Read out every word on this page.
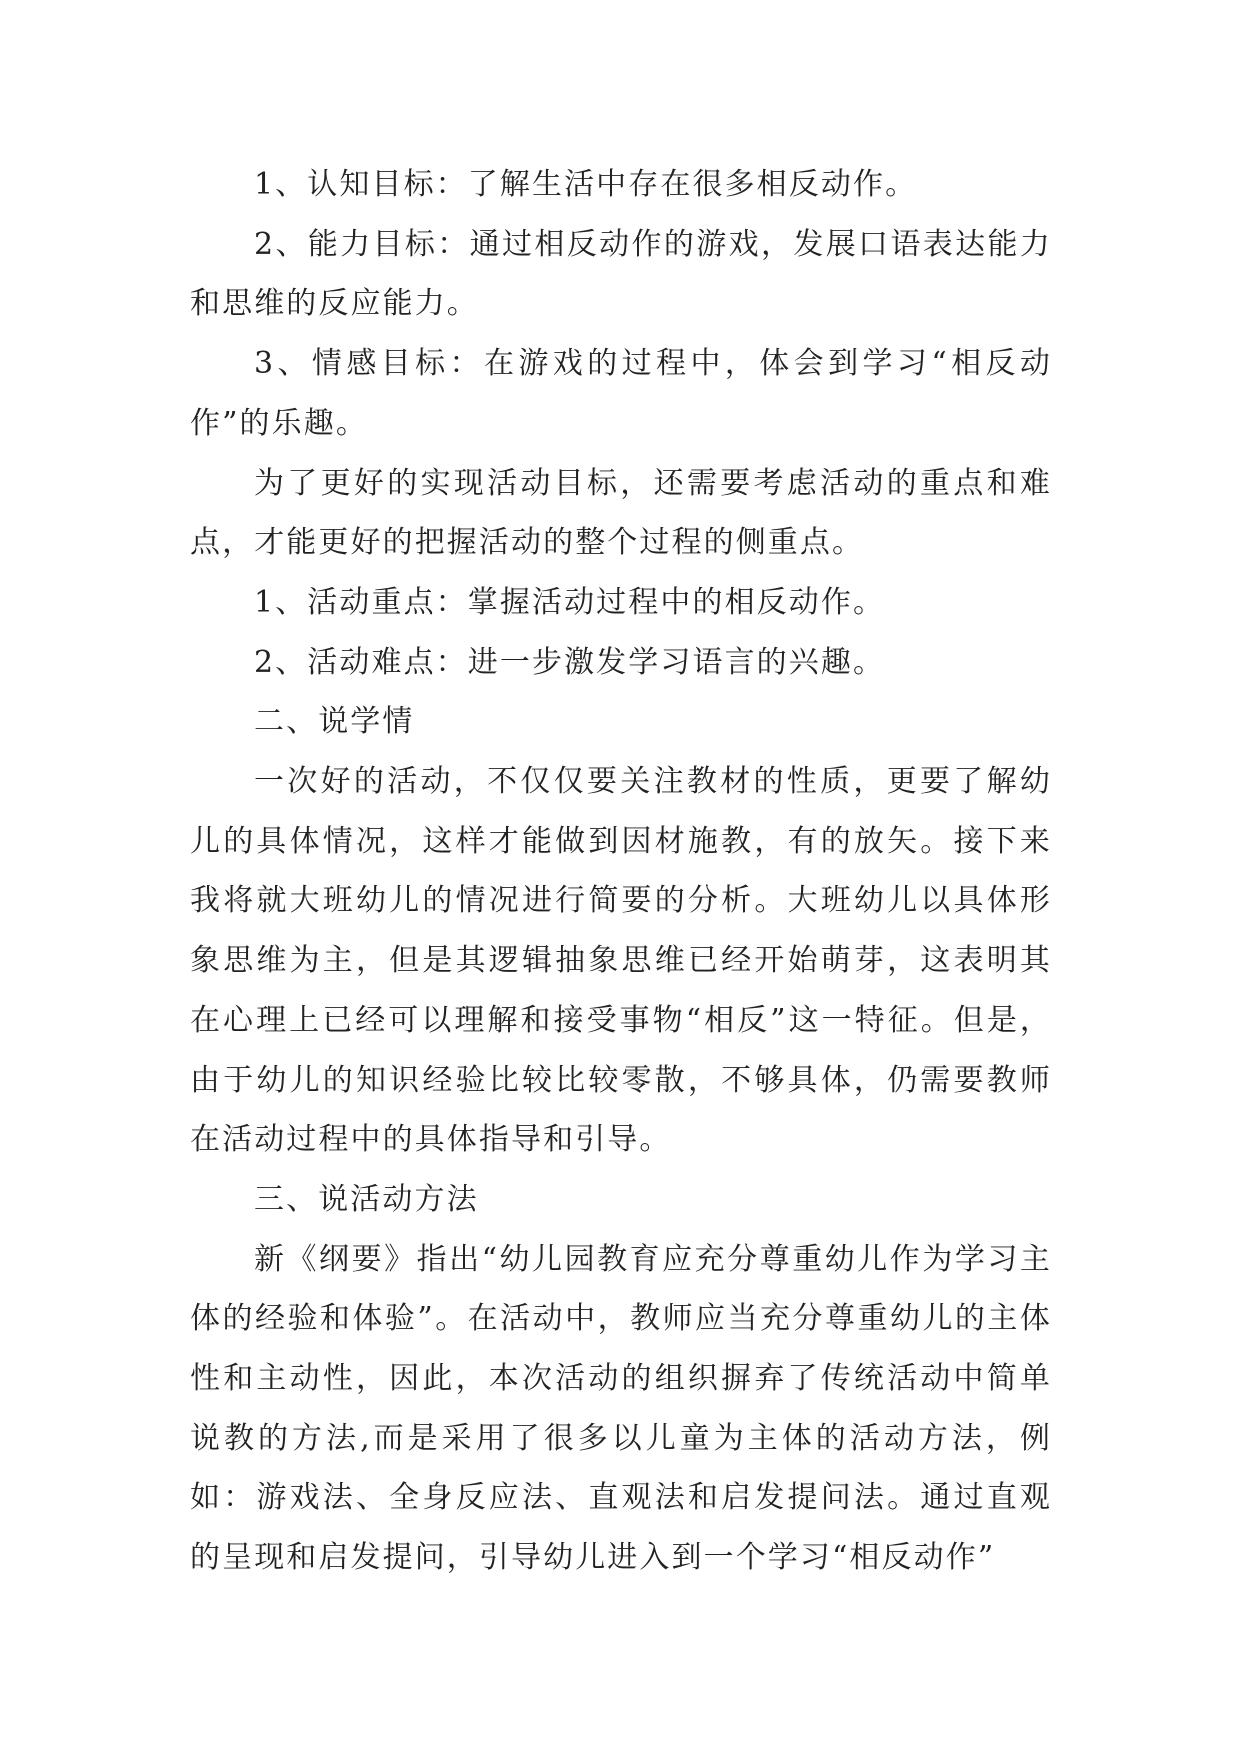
1、认知目标：了解生活中存在很多相反动作。

2、能力目标：通过相反动作的游戏，发展口语表达能力和思维的反应能力。

3、情感目标：在游戏的过程中，体会到学习“相反动作”的乐趣。

为了更好的实现活动目标，还需要考虑活动的重点和难点，才能更好的把握活动的整个过程的侧重点。

1、活动重点：掌握活动过程中的相反动作。

2、活动难点：进一步激发学习语言的兴趣。

二、说学情

一次好的活动，不仅仅要关注教材的性质，更要了解幼儿的具体情况，这样才能做到因材施教，有的放矢。接下来我将就大班幼儿的情况进行简要的分析。大班幼儿以具体形象思维为主，但是其逻辑抽象思维已经开始萌芽，这表明其在心理上已经可以理解和接受事物“相反”这一特征。但是，由于幼儿的知识经验比较比较零散，不够具体，仍需要教师在活动过程中的具体指导和引导。

三、说活动方法

新《纲要》指出“幼儿园教育应充分尊重幼儿作为学习主体的经验和体验”。在活动中，教师应当充分尊重幼儿的主体性和主动性，因此，本次活动的组织摒弃了传统活动中简单说教的方法,而是采用了很多以儿童为主体的活动方法，例如：游戏法、全身反应法、直观法和启发提问法。通过直观的呈现和启发提问，引导幼儿进入到一个学习“相反动作”
